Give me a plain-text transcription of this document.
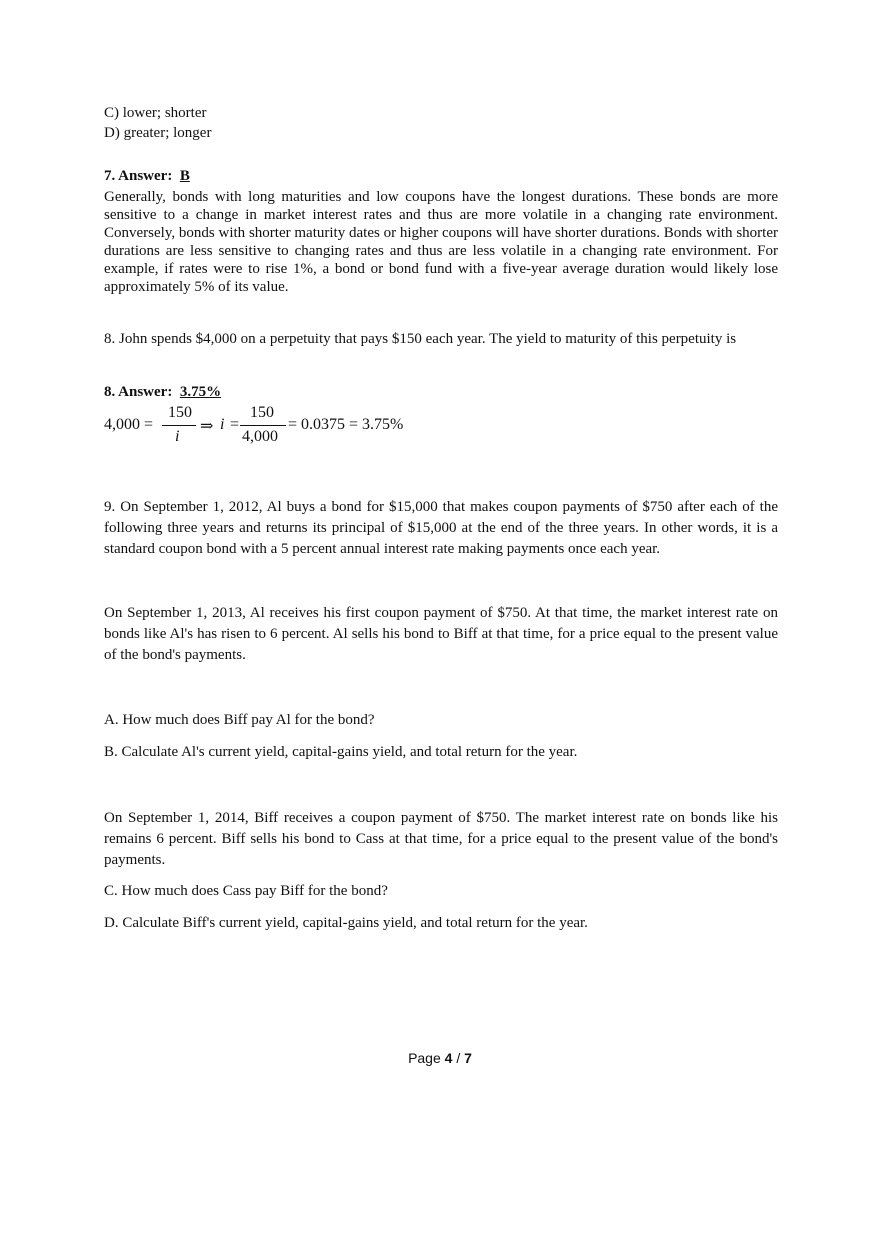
C) lower; shorter
D) greater; longer
7. Answer: B
Generally, bonds with long maturities and low coupons have the longest durations. These bonds are more sensitive to a change in market interest rates and thus are more volatile in a changing rate environment. Conversely, bonds with shorter maturity dates or higher coupons will have shorter durations. Bonds with shorter durations are less sensitive to changing rates and thus are less volatile in a changing rate environment. For example, if rates were to rise 1%, a bond or bond fund with a five-year average duration would likely lose approximately 5% of its value.
8. John spends $4,000 on a perpetuity that pays $150 each year. The yield to maturity of this perpetuity is
8. Answer: 3.75%
4,000 =
150
i
⇒ i =
150
4,000
= 0.0375 = 3.75%
9. On September 1, 2012, Al buys a bond for $15,000 that makes coupon payments of $750 after each of the following three years and returns its principal of $15,000 at the end of the three years. In other words, it is a standard coupon bond with a 5 percent annual interest rate making payments once each year.
On September 1, 2013, Al receives his first coupon payment of $750. At that time, the market interest rate on bonds like Al's has risen to 6 percent. Al sells his bond to Biff at that time, for a price equal to the present value of the bond's payments.
A. How much does Biff pay Al for the bond?
B. Calculate Al's current yield, capital-gains yield, and total return for the year.
On September 1, 2014, Biff receives a coupon payment of $750. The market interest rate on bonds like his remains 6 percent. Biff sells his bond to Cass at that time, for a price equal to the present value of the bond's payments.
C. How much does Cass pay Biff for the bond?
D. Calculate Biff's current yield, capital-gains yield, and total return for the year.
Page 4 / 7
